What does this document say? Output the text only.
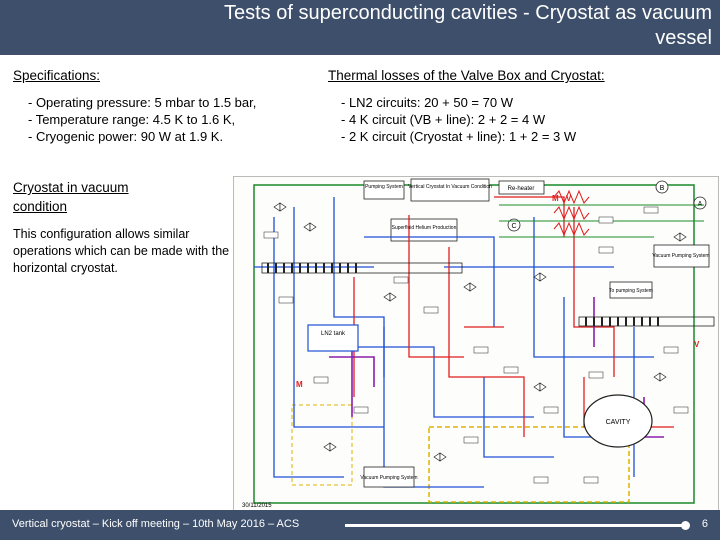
Tests of superconducting cavities - Cryostat as vacuum
vessel
Specifications:
- Operating pressure: 5 mbar to 1.5 bar,
- Temperature range: 4.5 K to 1.6 K,
- Cryogenic power: 90 W at 1.9 K.
Thermal losses of the Valve Box and Cryostat:
- LN2 circuits: 20 + 50 = 70 W
- 4 K circuit (VB + line): 2 + 2 = 4 W
- 2 K circuit (Cryostat + line): 1 + 2 = 3 W
Cryostat in vacuum condition
This configuration allows similar operations which can be made with the horizontal cryostat.
Pumping System Vertical Cryostat In Vacuum Condition	Re-heater
Superfluid Helium Production
Vacuum Pumping System
To pumping System
B
A
C
LN2 tank
CAVITY
Vacuum Pumping System
M V
M
V
30/11/2015
Vertical cryostat – Kick off meeting – 10th May 2016 – ACS	6
